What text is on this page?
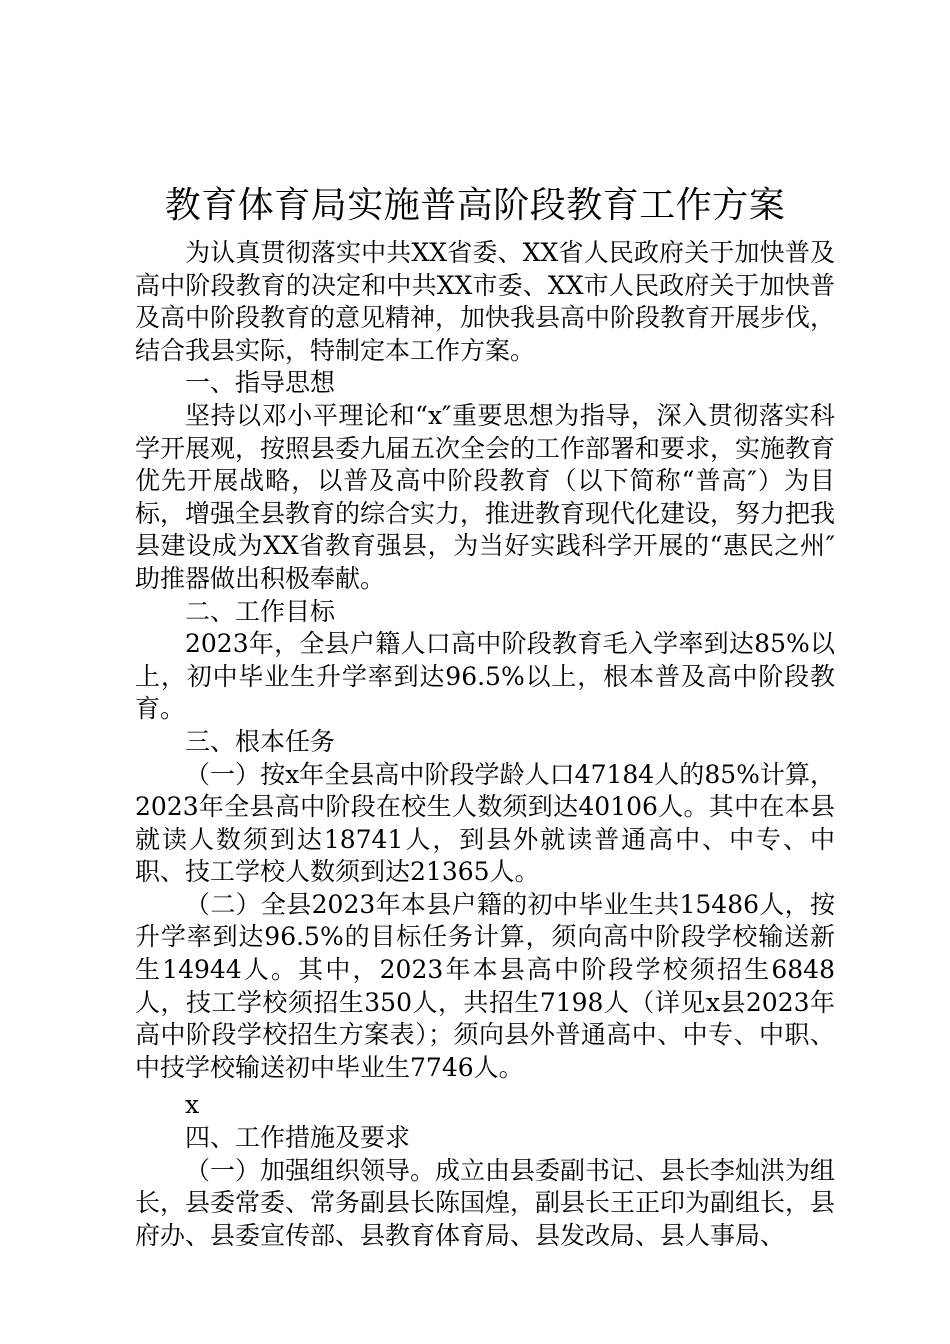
教育体育局实施普高阶段教育工作方案

为认真贯彻落实中共XX省委、XX省人民政府关于加快普及高中阶段教育的决定和中共XX市委、XX市人民政府关于加快普及高中阶段教育的意见精神，加快我县高中阶段教育开展步伐，结合我县实际，特制定本工作方案。

一、指导思想

坚持以邓小平理论和“x″重要思想为指导，深入贯彻落实科学开展观，按照县委九届五次全会的工作部署和要求，实施教育优先开展战略，以普及高中阶段教育（以下简称“普高″）为目标，增强全县教育的综合实力，推进教育现代化建设，努力把我县建设成为XX省教育强县，为当好实践科学开展的“惠民之州″助推器做出积极奉献。

二、工作目标

2023年，全县户籍人口高中阶段教育毛入学率到达85%以上，初中毕业生升学率到达96.5%以上，根本普及高中阶段教育。

三、根本任务

（一）按x年全县高中阶段学龄人口47184人的85%计算，2023年全县高中阶段在校生人数须到达40106人。其中在本县就读人数须到达18741人，到县外就读普通高中、中专、中职、技工学校人数须到达21365人。

（二）全县2023年本县户籍的初中毕业生共15486人，按升学率到达96.5%的目标任务计算，须向高中阶段学校输送新生14944人。其中，2023年本县高中阶段学校须招生6848人，技工学校须招生350人，共招生7198人（详见x县2023年高中阶段学校招生方案表）；须向县外普通高中、中专、中职、中技学校输送初中毕业生7746人。

x

四、工作措施及要求

（一）加强组织领导。成立由县委副书记、县长李灿洪为组长，县委常委、常务副县长陈国煌，副县长王正印为副组长，县府办、县委宣传部、县教育体育局、县发改局、县人事局、
